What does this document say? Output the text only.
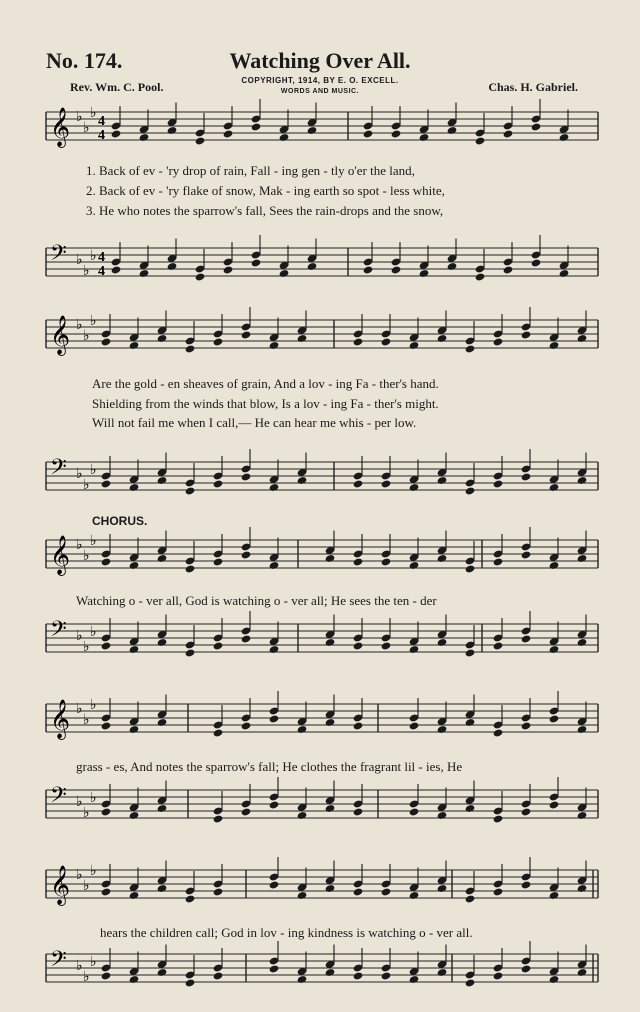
No. 174.	Watching Over All.
Rev. Wm. C. Pool.	COPYRIGHT, 1914, BY E. O. EXCELL.
WORDS AND MUSIC.	Chas. H. Gabriel.
𝄞 ♭
♭
♭
𝄢 ♭
♭
♭
𝄞 ♭
♭
♭
𝄢 ♭
♭
♭
𝄞 ♭
♭
♭
𝄢 ♭
♭
♭
𝄞 ♭
♭
♭
𝄢 ♭
♭
♭
𝄞 ♭
♭
♭
𝄢 ♭
♭
♭
4
4
4
4
1. Back of ev - 'ry drop of rain, Fall - ing gen - tly o'er the land,
2. Back of ev - 'ry flake of snow, Mak - ing earth so spot - less white,
3. He who notes the sparrow's fall, Sees the rain-drops and the snow,
Are the gold - en sheaves of grain, And a lov - ing Fa - ther's hand.
Shielding from the winds that blow, Is a lov - ing Fa - ther's might.
Will not fail me when I call,— He can hear me whis - per low.
CHORUS.
Watching o - ver all, God is watching o - ver all; He sees the ten - der
grass - es, And notes the sparrow's fall; He clothes the fragrant lil - ies, He
hears the children call; God in lov - ing kindness is watching o - ver all.
